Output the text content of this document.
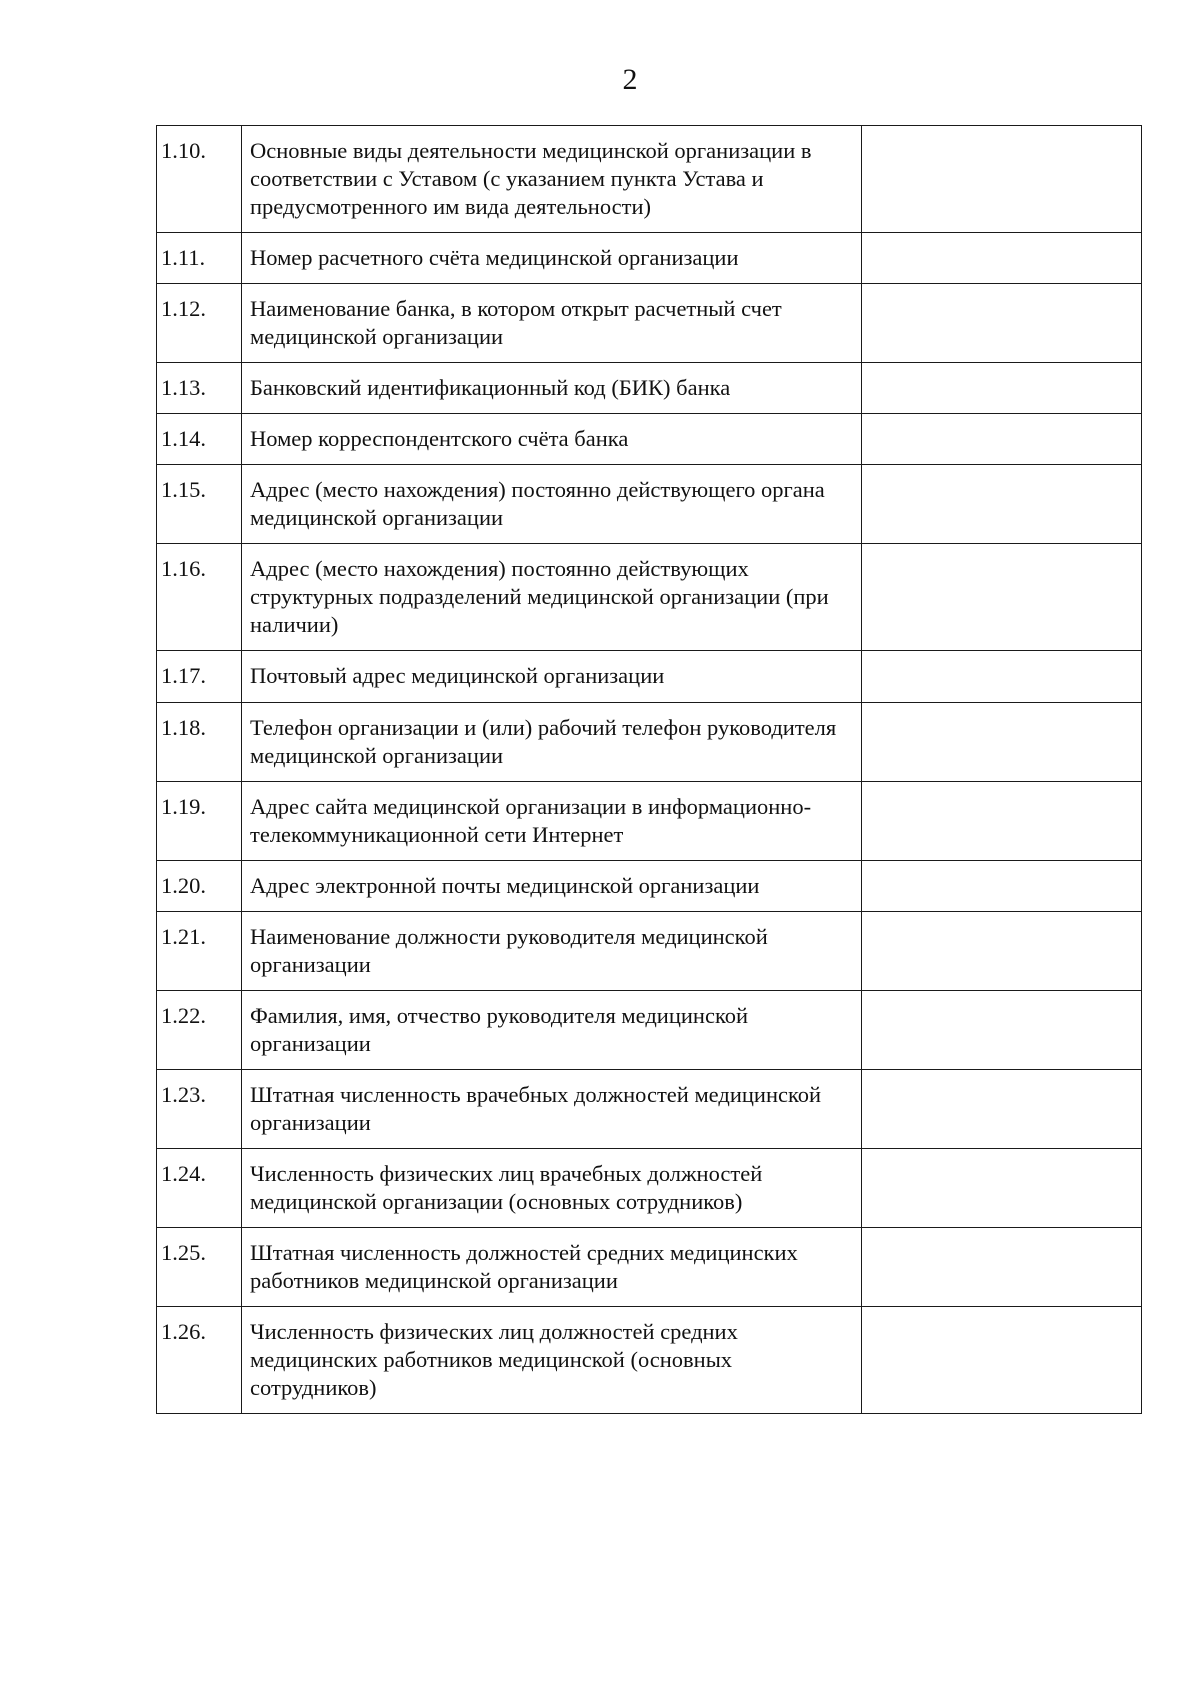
2
1.10.	Основные виды деятельности медицинской организации в соответствии с Уставом (с указанием пункта Устава и предусмотренного им вида деятельности)	
1.11.	Номер расчетного счёта медицинской организации	
1.12.	Наименование банка, в котором открыт расчетный счет медицинской организации	
1.13.	Банковский идентификационный код (БИК) банка	
1.14.	Номер корреспондентского счёта банка	
1.15.	Адрес (место нахождения) постоянно действующего органа медицинской организации	
1.16.	Адрес (место нахождения) постоянно действующих структурных подразделений медицинской организации (при наличии)	
1.17.	Почтовый адрес медицинской организации	
1.18.	Телефон организации и (или) рабочий телефон руководителя медицинской организации	
1.19.	Адрес сайта медицинской организации в информационно-телекоммуникационной сети Интернет	
1.20.	Адрес электронной почты медицинской организации	
1.21.	Наименование должности руководителя медицинской организации	
1.22.	Фамилия, имя, отчество руководителя медицинской организации	
1.23.	Штатная численность врачебных должностей медицинской организации	
1.24.	Численность физических лиц врачебных должностей медицинской организации (основных сотрудников)	
1.25.	Штатная численность должностей средних медицинских работников медицинской организации	
1.26.	Численность физических лиц должностей средних медицинских работников медицинской (основных сотрудников)	
